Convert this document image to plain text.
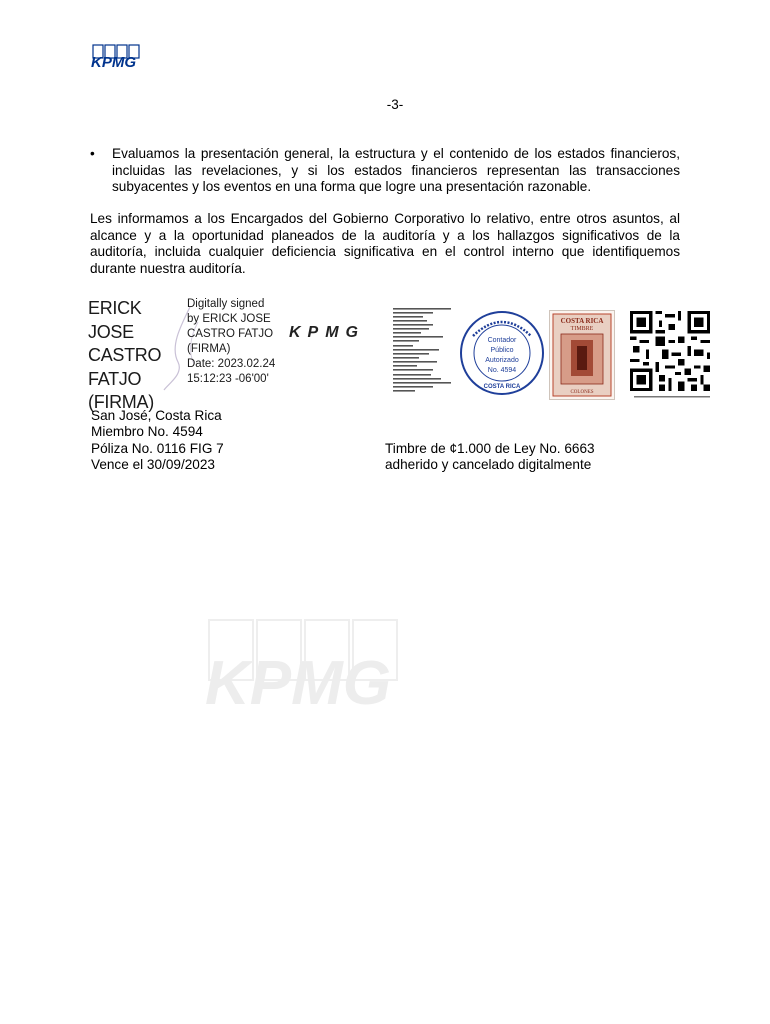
KPMG
-3-
• Evaluamos la presentación general, la estructura y el contenido de los estados financieros, incluidas las revelaciones, y si los estados financieros representan las transacciones subyacentes y los eventos en una forma que logre una presentación razonable.
Les informamos a los Encargados del Gobierno Corporativo lo relativo, entre otros asuntos, al alcance y a la oportunidad planeados de la auditoría y a los hallazgos significativos de la auditoría, incluida cualquier deficiencia significativa en el control interno que identifiquemos durante nuestra auditoría.
ERICK JOSE
CASTRO
FATJO
(FIRMA)
Digitally signed
by ERICK JOSE
CASTRO FATJO
(FIRMA)
Date: 2023.02.24
15:12:23 -06'00'
KPMG	Contador
Público
Autorizado
No. 4594
COSTA RICA
COSTA RICA
TIMBRE
COLONES
San José, Costa Rica
Miembro No. 4594
Póliza No. 0116 FIG 7
Vence el 30/09/2023
Timbre de ¢1.000 de Ley No. 6663
adherido y cancelado digitalmente
KPMG
